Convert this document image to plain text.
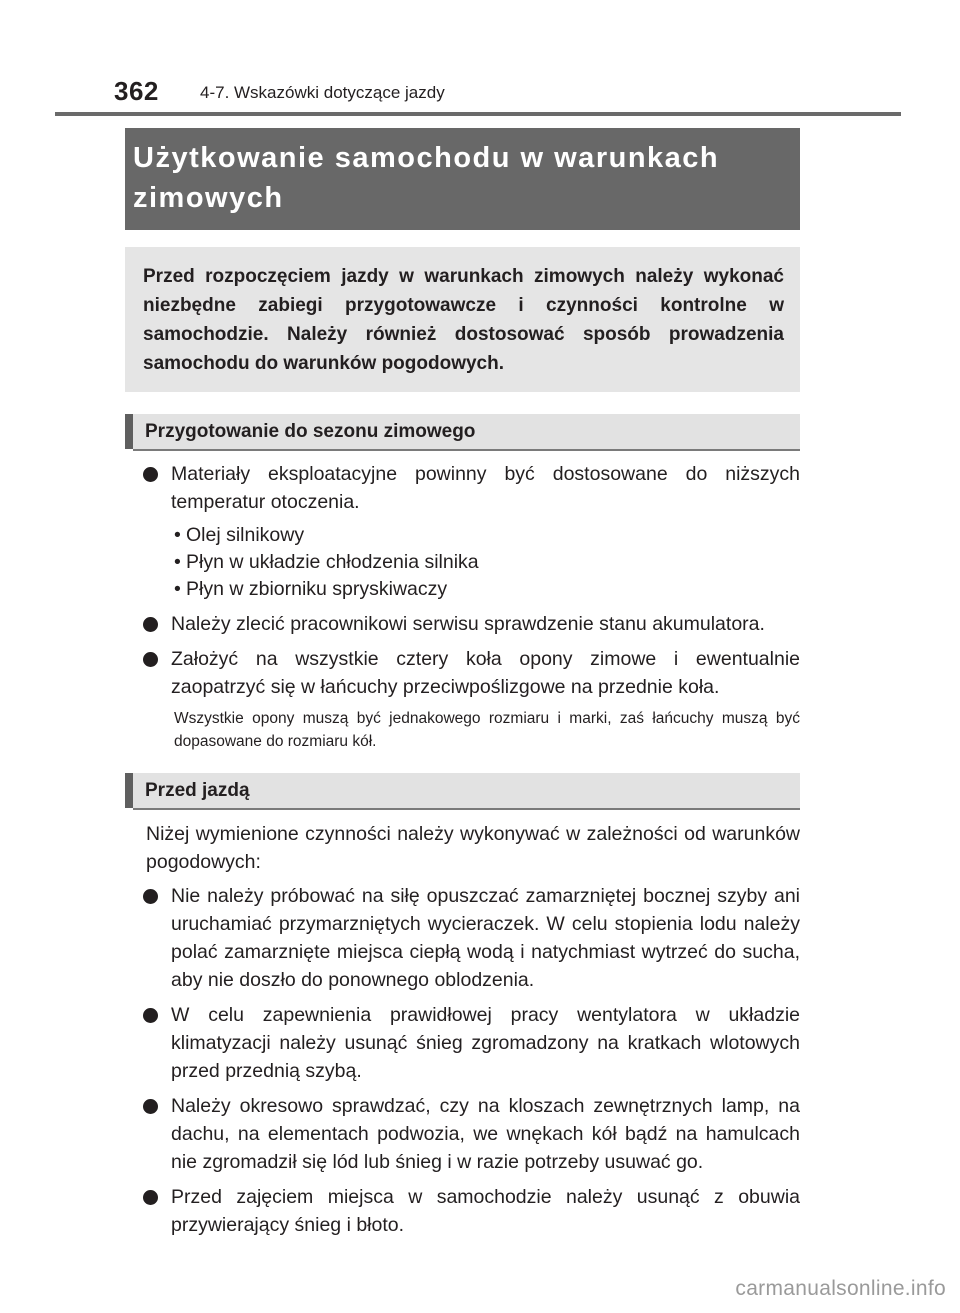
362 4-7. Wskazówki dotyczące jazdy
Użytkowanie samochodu w warunkach zimowych
Przed rozpoczęciem jazdy w warunkach zimowych należy wykonać niezbędne zabiegi przygotowawcze i czynności kontrolne w samochodzie. Należy również dostosować sposób prowadzenia samochodu do warunków pogodowych.
Przygotowanie do sezonu zimowego
Materiały eksploatacyjne powinny być dostosowane do niższych temperatur otoczenia.
• Olej silnikowy
• Płyn w układzie chłodzenia silnika
• Płyn w zbiorniku spryskiwaczy
Należy zlecić pracownikowi serwisu sprawdzenie stanu akumulatora.
Założyć na wszystkie cztery koła opony zimowe i ewentualnie zaopatrzyć się w łańcuchy przeciwpoślizgowe na przednie koła.
Wszystkie opony muszą być jednakowego rozmiaru i marki, zaś łańcuchy muszą być dopasowane do rozmiaru kół.
Przed jazdą
Niżej wymienione czynności należy wykonywać w zależności od warunków pogodowych:
Nie należy próbować na siłę opuszczać zamarzniętej bocznej szyby ani uruchamiać przymarzniętych wycieraczek. W celu stopienia lodu należy polać zamarznięte miejsca ciepłą wodą i natychmiast wytrzeć do sucha, aby nie doszło do ponownego oblodzenia.
W celu zapewnienia prawidłowej pracy wentylatora w układzie klimatyzacji należy usunąć śnieg zgromadzony na kratkach wlotowych przed przednią szybą.
Należy okresowo sprawdzać, czy na kloszach zewnętrznych lamp, na dachu, na elementach podwozia, we wnękach kół bądź na hamulcach nie zgromadził się lód lub śnieg i w razie potrzeby usuwać go.
Przed zajęciem miejsca w samochodzie należy usunąć z obuwia przywierający śnieg i błoto.
carmanualsonline.info
